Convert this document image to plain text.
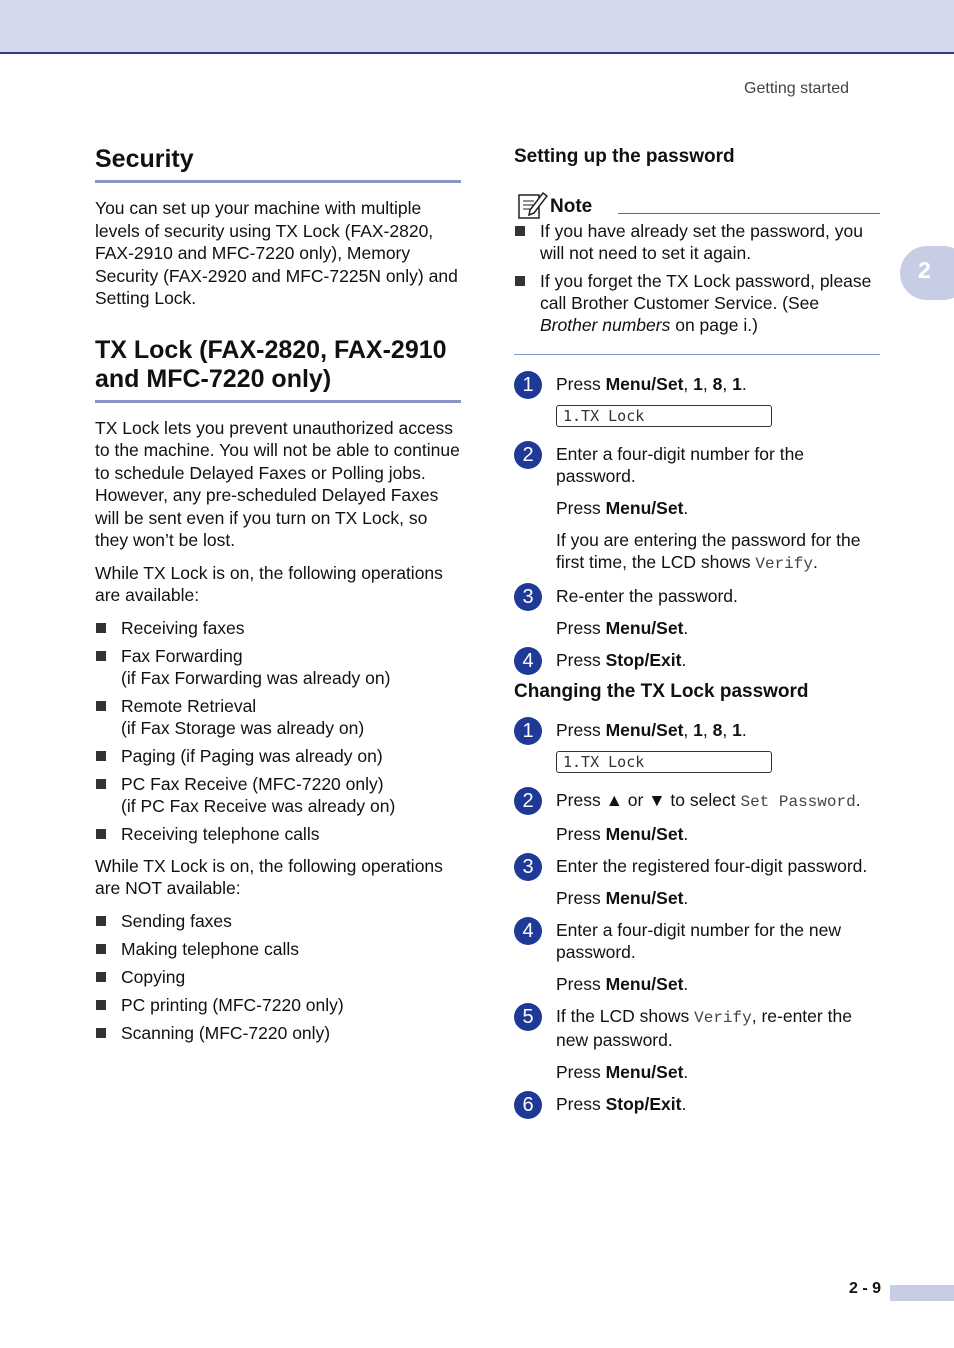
Getting started
2
Security

You can set up your machine with multiple levels of security using TX Lock (FAX-2820, FAX-2910 and MFC-7220 only), Memory Security (FAX-2920 and MFC-7225N only) and Setting Lock.

TX Lock (FAX-2820, FAX-2910 and MFC-7220 only)

TX Lock lets you prevent unauthorized access to the machine. You will not be able to continue to schedule Delayed Faxes or Polling jobs. However, any pre-scheduled Delayed Faxes will be sent even if you turn on TX Lock, so they won’t be lost.

While TX Lock is on, the following operations are available:

Receiving faxes
Fax Forwarding
(if Fax Forwarding was already on)
Remote Retrieval
(if Fax Storage was already on)
Paging (if Paging was already on)
PC Fax Receive (MFC-7220 only)
(if PC Fax Receive was already on)
Receiving telephone calls

While TX Lock is on, the following operations are NOT available:

Sending faxes
Making telephone calls
Copying
PC printing (MFC-7220 only)
Scanning (MFC-7220 only)
Setting up the password
Note
If you have already set the password, you will not need to set it again.
If you forget the TX Lock password, please call Brother Customer Service. (See Brother numbers on page i.)
1	Press Menu/Set, 1, 8, 1.

1.TX Lock
2	Enter a four-digit number for the password.

Press Menu/Set.

If you are entering the password for the first time, the LCD shows Verify.

3	Re-enter the password.

Press Menu/Set.

4	Press Stop/Exit.

Changing the TX Lock password
1	Press Menu/Set, 1, 8, 1.

1.TX Lock
2	Press ▲ or ▼ to select Set Password.

Press Menu/Set.

3	Enter the registered four-digit password.

Press Menu/Set.

4	Enter a four-digit number for the new password.

Press Menu/Set.

5	If the LCD shows Verify, re-enter the new password.

Press Menu/Set.

6	Press Stop/Exit.

2 - 9
